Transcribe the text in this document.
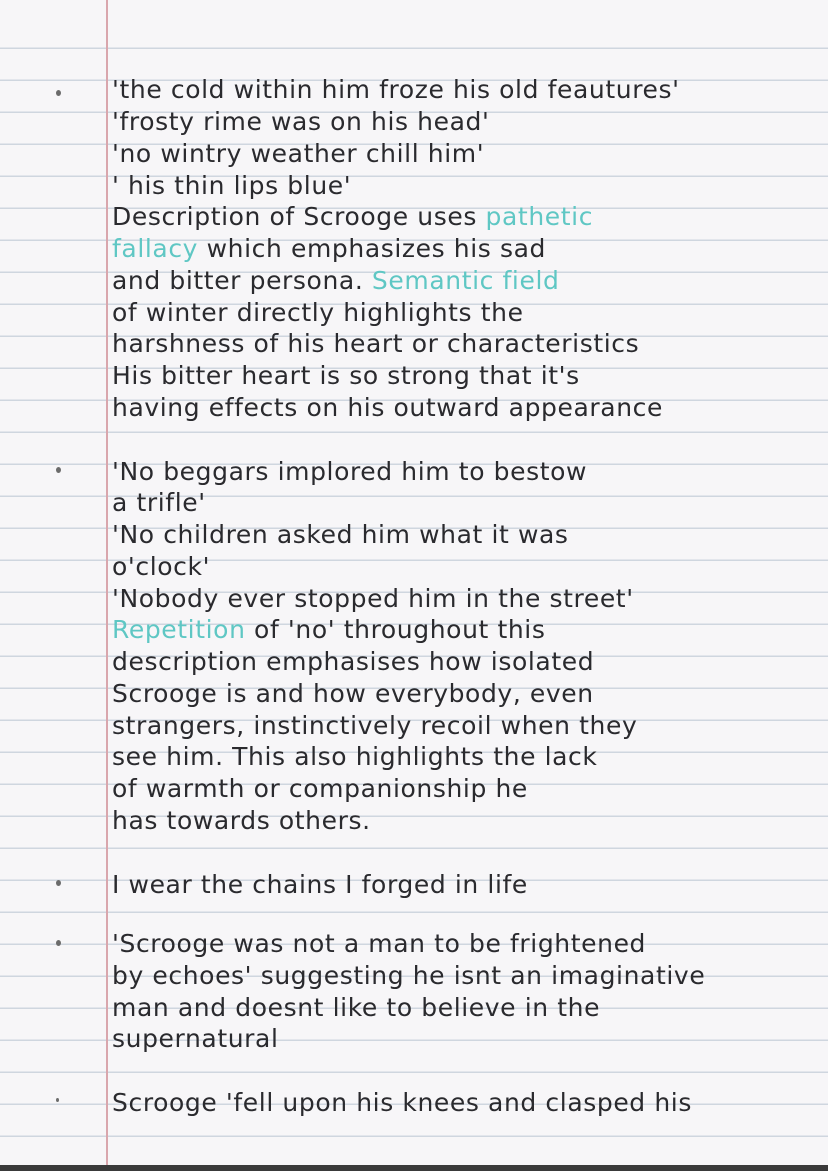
'the cold within him froze his old feautures'
'frosty rime was on his head'
'no wintry weather chill him'
' his thin lips blue'
Description of Scrooge uses pathetic
fallacy which emphasizes his sad
and bitter persona. Semantic field
of winter directly highlights the
harshness of his heart or characteristics
His bitter heart is so strong that it's
having effects on his outward appearance
'No beggars implored him to bestow
a trifle'
'No children asked him what it was
o'clock'
'Nobody ever stopped him in the street'
Repetition of 'no' throughout this
description emphasises how isolated
Scrooge is and how everybody, even
strangers, instinctively recoil when they
see him. This also highlights the lack
of warmth or companionship he
has towards others.
I wear the chains I forged in life
'Scrooge was not a man to be frightened
by echoes' suggesting he isnt an imaginative
man and doesnt like to believe in the
supernatural
Scrooge 'fell upon his knees and clasped his
